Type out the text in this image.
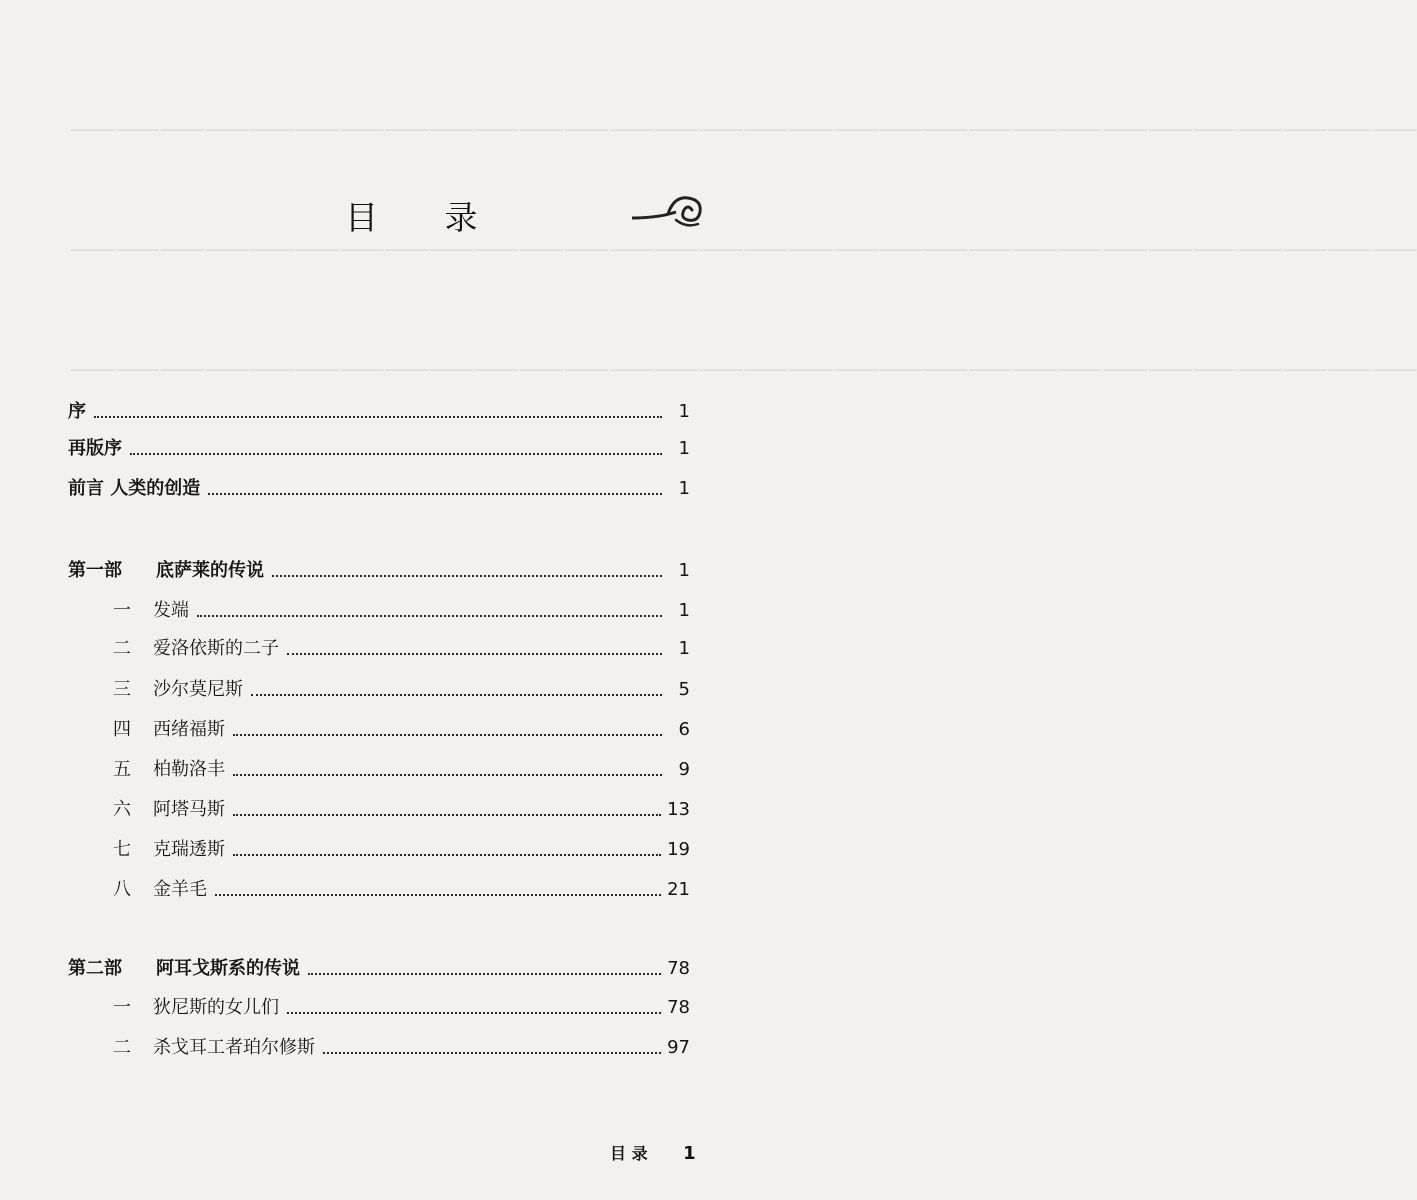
⸻⸻⸻⸻⸻⸻⸻⸻⸻⸻⸻⸻⸻⸻⸻⸻⸻⸻⸻⸻⸻⸻⸻⸻⸻⸻⸻⸻⸻⸻
⸻⸻⸻⸻⸻⸻⸻⸻⸻⸻⸻⸻⸻⸻⸻⸻⸻⸻⸻⸻⸻⸻⸻⸻⸻⸻⸻⸻⸻⸻
⸻⸻⸻⸻⸻⸻⸻⸻⸻⸻⸻⸻⸻⸻⸻⸻⸻⸻⸻⸻⸻⸻⸻⸻⸻⸻⸻⸻⸻⸻
目 录
序	1
再版序	1
前言 人类的创造	1
第一部	底萨莱的传说	1
一	发端	1
二	爱洛依斯的二子	1
三	沙尔莫尼斯	5
四	西绪福斯	6
五	柏勒洛丰	9
六	阿塔马斯	13
七	克瑞透斯	19
八	金羊毛	21
第二部	阿耳戈斯系的传说	78
一	狄尼斯的女儿们	78
二	杀戈耳工者珀尔修斯	97
目 录 1
